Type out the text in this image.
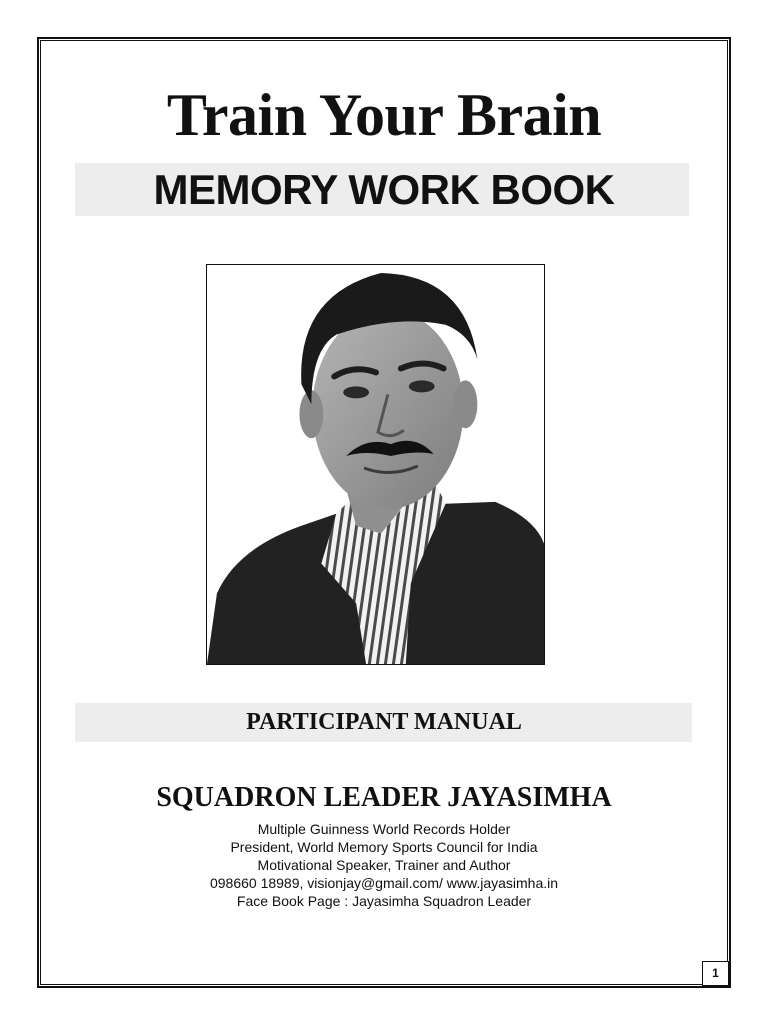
Train Your Brain
MEMORY WORK BOOK
PARTICIPANT MANUAL
SQUADRON LEADER JAYASIMHA
Multiple Guinness World Records Holder
President, World Memory Sports Council for India
Motivational Speaker, Trainer and Author
098660 18989, visionjay@gmail.com/ www.jayasimha.in
Face Book Page : Jayasimha Squadron Leader
1
